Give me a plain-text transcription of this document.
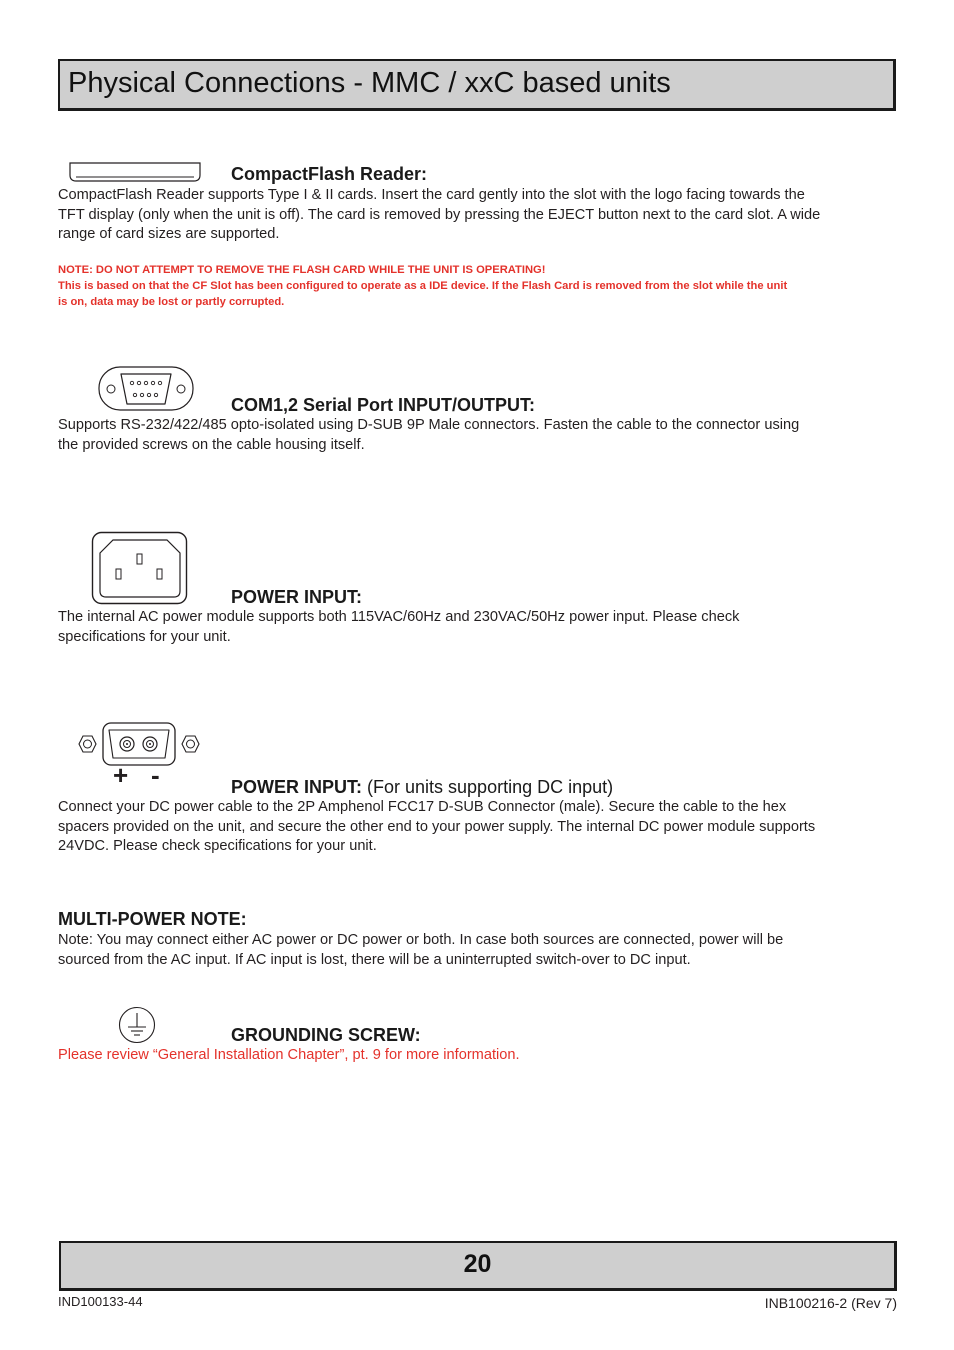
Physical Connections - MMC / xxC based units
CompactFlash Reader:
CompactFlash Reader supports Type I & II cards. Insert the card gently into the slot with the logo facing towards the
TFT display (only when the unit is off). The card is removed by pressing the EJECT button next to the card slot. A wide
range of card sizes are supported.
NOTE: DO NOT ATTEMPT TO REMOVE THE FLASH CARD WHILE THE UNIT IS OPERATING!
This is based on that the CF Slot has been configured to operate as a IDE device. If the Flash Card is removed from the slot while the unit
is on, data may be lost or partly corrupted.
COM1,2 Serial Port INPUT/OUTPUT:
Supports RS-232/422/485 opto-isolated using D-SUB 9P Male connectors. Fasten the cable to the connector using
the provided screws on the cable housing itself.
POWER INPUT:
The internal AC power module supports both 115VAC/60Hz and 230VAC/50Hz power input. Please check
specifications for your unit.
+ -	POWER INPUT: (For units supporting DC input)
Connect your DC power cable to the 2P Amphenol FCC17 D-SUB Connector (male). Secure the cable to the hex
spacers provided on the unit, and secure the other end to your power supply. The internal DC power module supports
24VDC. Please check specifications for your unit.
MULTI-POWER NOTE:
Note: You may connect either AC power or DC power or both. In case both sources are connected, power will be
sourced from the AC input. If AC input is lost, there will be a uninterrupted switch-over to DC input.
GROUNDING SCREW:
Please review “General Installation Chapter”, pt. 9 for more information.
20
IND100133-44	INB100216-2 (Rev 7)
